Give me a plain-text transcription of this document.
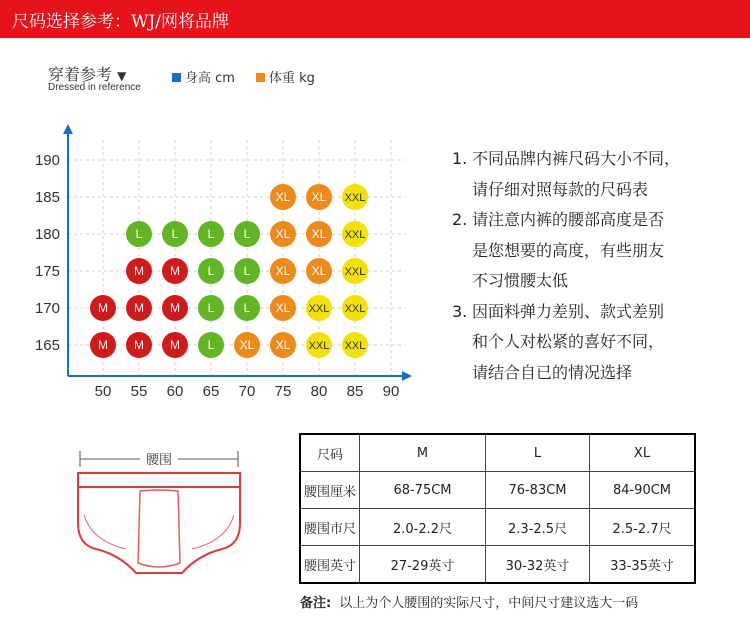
尺码选择参考：WJ/网将品牌
穿着参考 ▼
Dressed in reference
身高 cm	体重 kg
165
170
175
180
185
190
50 55 60 65 70 75 80 85 90
M M M L XL XL XXL XXL
M M M L L XL XXL XXL
M M L L XL XL XXL
L L L L XL XL XXL
XL XL XXL
1. 不同品牌内裤尺码大小不同，
请仔细对照每款的尺码表
2. 请注意内裤的腰部高度是否
是您想要的高度，有些朋友
不习惯腰太低
3. 因面料弹力差别、款式差别
和个人对松紧的喜好不同，
请结合自已的情况选择
腰围	尺码	M	L	XL
腰围厘米	68-75CM	76-83CM	84-90CM
腰围市尺	2.0-2.2尺	2.3-2.5尺	2.5-2.7尺
腰围英寸	27-29英寸	30-32英寸	33-35英寸
备注: 以上为个人腰围的实际尺寸，中间尺寸建议选大一码
